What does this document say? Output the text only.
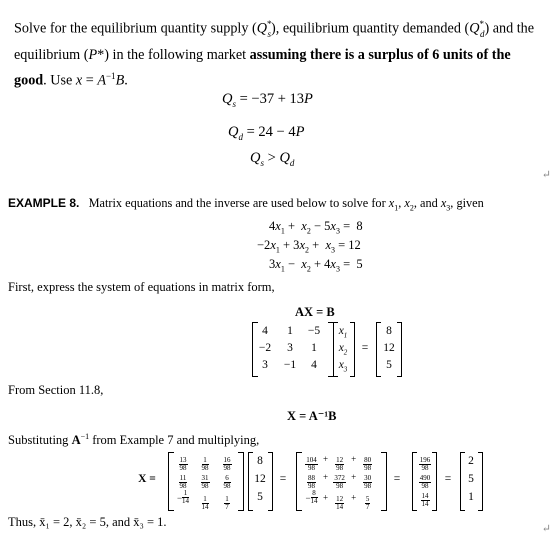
Solve for the equilibrium quantity supply $(Q^*_s)$, equilibrium quantity demanded $(Q^*_d)$ and the equilibrium (P*) in the following market assuming there is a surplus of 6 units of the good. Use $x = A^{-1}B$.
$Q_s = -37 + 13P$
$Q_d = 24 - 4P$
$Q_s > Q_d$
↵
EXAMPLE 8.   Matrix equations and the inverse are used below to solve for $x_1$, $x_2$, and $x_3$, given
$4x_1 + x_2 - 5x_3 = 8$
$-2x_1 + 3x_2 + x_3 = 12$
$3x_1 - x_2 + 4x_3 = 5$
First, express the system of equations in matrix form,
AX = B
4	1	−5
−2	3	1
3	−1	4
$x_1$
$x_2$
$x_3$
=
8
12
5
From Section 11.8,
X = A⁻¹B
Substituting $A^{-1}$ from Example 7 and multiplying,
X =
$\frac{13}{98} \frac{1}{98} \frac{16}{98}$
$\frac{11}{98} \frac{31}{98} \frac{6}{98}$
− $\frac{1}{14} \frac{1}{14} \frac{1}{7}$
8
12
5
=
$\frac{104}{98} + \frac{12}{98} + \frac{80}{98}$
$\frac{88}{98} + \frac{372}{98} + \frac{30}{98}$
− $\frac{8}{14} + \frac{12}{14} + \frac{5}{7}$
=
$\frac{196}{98}$
$\frac{490}{98}$
$\frac{14}{14}$
=
2
5
1
Thus, x̄₁ = 2, x̄₂ = 5, and x̄₃ = 1.	↵
